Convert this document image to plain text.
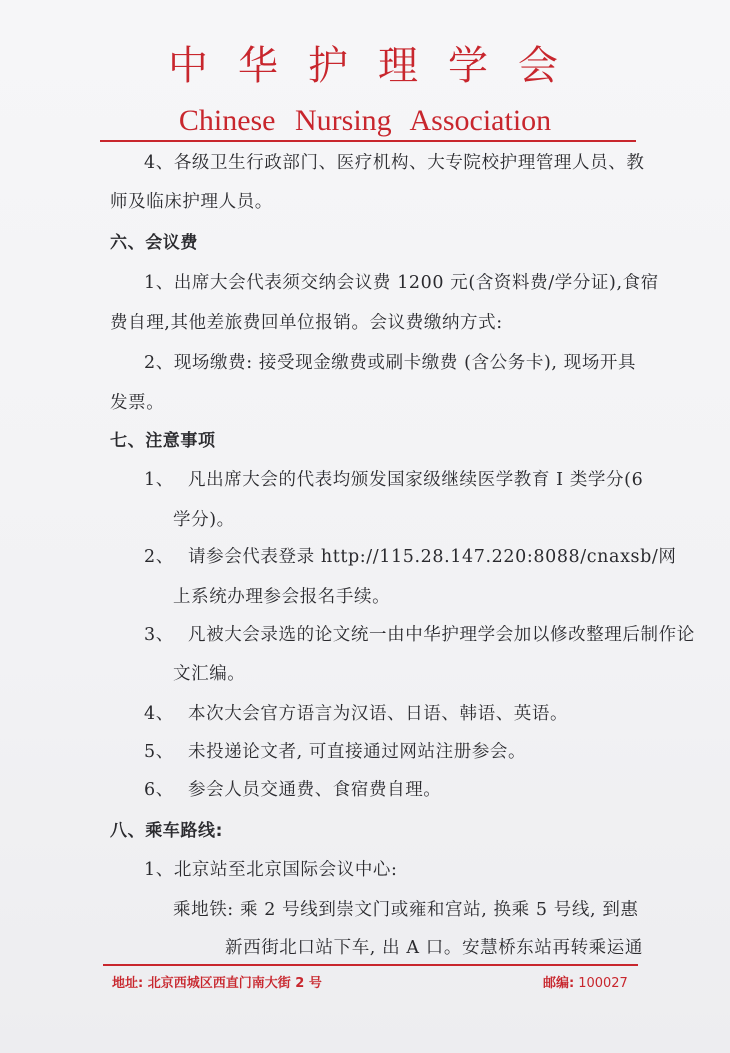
中华护理学会
Chinese Nursing Association
4、各级卫生行政部门、医疗机构、大专院校护理管理人员、教
师及临床护理人员。
六、会议费
1、出席大会代表须交纳会议费 1200 元(含资料费/学分证),食宿
费自理,其他差旅费回单位报销。会议费缴纳方式:
2、现场缴费: 接受现金缴费或刷卡缴费 (含公务卡), 现场开具
发票。
七、注意事项
1、 凡出席大会的代表均颁发国家级继续医学教育 I 类学分(6
学分)。
2、 请参会代表登录 http://115.28.147.220:8088/cnaxsb/网
上系统办理参会报名手续。
3、 凡被大会录选的论文统一由中华护理学会加以修改整理后制作论
文汇编。
4、 本次大会官方语言为汉语、日语、韩语、英语。
5、 未投递论文者, 可直接通过网站注册参会。
6、 参会人员交通费、食宿费自理。
八、乘车路线:
1、北京站至北京国际会议中心:
乘地铁: 乘 2 号线到崇文门或雍和宫站, 换乘 5 号线, 到惠
新西街北口站下车, 出 A 口。安慧桥东站再转乘运通
地址: 北京西城区西直门南大街 2 号	邮编: 100027
